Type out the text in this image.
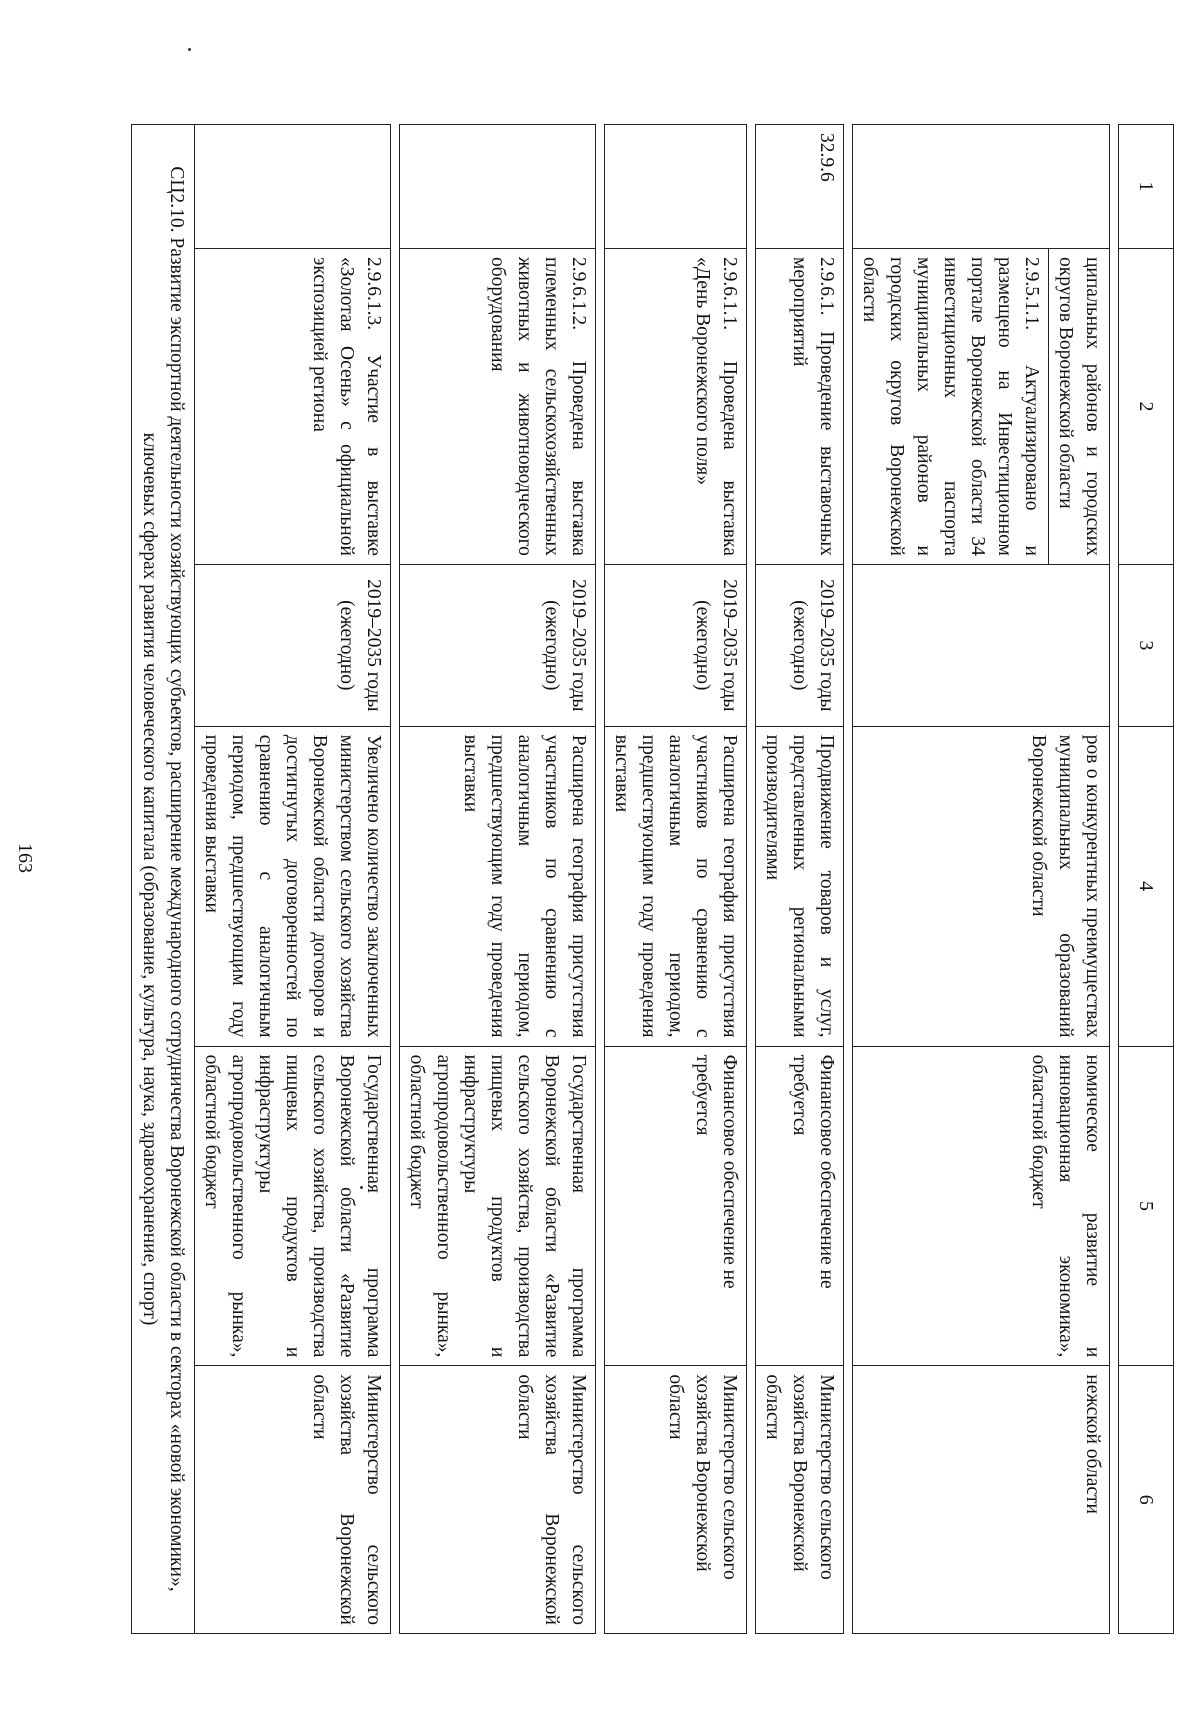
163
1	2	3	4	5	6

	ципальных районов и городских округов Воронежской области		ров о конкурентных преимуществах муниципальных образований Воронежской области	номическое развитие и инновационная экономика», областной бюджет	нежской области
	2.9.5.1.1. Актуализировано и размещено на Инвестиционном портале Воронежской области 34 инвестиционных паспорта муниципальных районов и городских округов Воронежской области				

32.9.6	2.9.6.1. Проведение выставочных мероприятий	2019–2035 годы (ежегодно)	Продвижение товаров и услуг, представленных региональными производителями	Финансовое обеспечение не требуется	Министерство сельского хозяйства Воронежской области

	2.9.6.1.1. Проведена выставка «День Воронежского поля»	2019–2035 годы (ежегодно)	Расширена география присутствия участников по сравнению с аналогичным периодом, предшествующим году проведения выставки	Финансовое обеспечение не требуется	Министерство сельского хозяйства Воронежской области

	2.9.6.1.2. Проведена выставка племенных сельскохозяйственных животных и животноводческого оборудования	2019–2035 годы (ежегодно)	Расширена география присутствия участников по сравнению с аналогичным периодом, предшествующим году проведения выставки	Государственная программа Воронежской области «Развитие сельского хозяйства, производства пищевых продуктов и инфраструктуры агропродовольственного рынка», областной бюджет	Министерство сельского хозяйства Воронежской области

	2.9.6.1.3. Участие в выставке «Золотая Осень» с официальной экспозицией региона	2019–2035 годы (ежегодно)	Увеличено количество заключенных министерством сельского хозяйства Воронежской области договоров и достигнутых договоренностей по сравнению с аналогичным периодом, предшествующим году проведения выставки	Государственная программа Воронежской области «Развитие сельского хозяйства, производства пищевых продуктов и инфраструктуры агропродовольственного рынка», областной бюджет	Министерство сельского хозяйства Воронежской области
СЦ2.10. Развитие экспортной деятельности хозяйствующих субъектов, расширение международного сотрудничества Воронежской области в секторах «новой экономики», ключевых сферах развития человеческого капитала (образование, культура, наука, здравоохранение, спорт)					
